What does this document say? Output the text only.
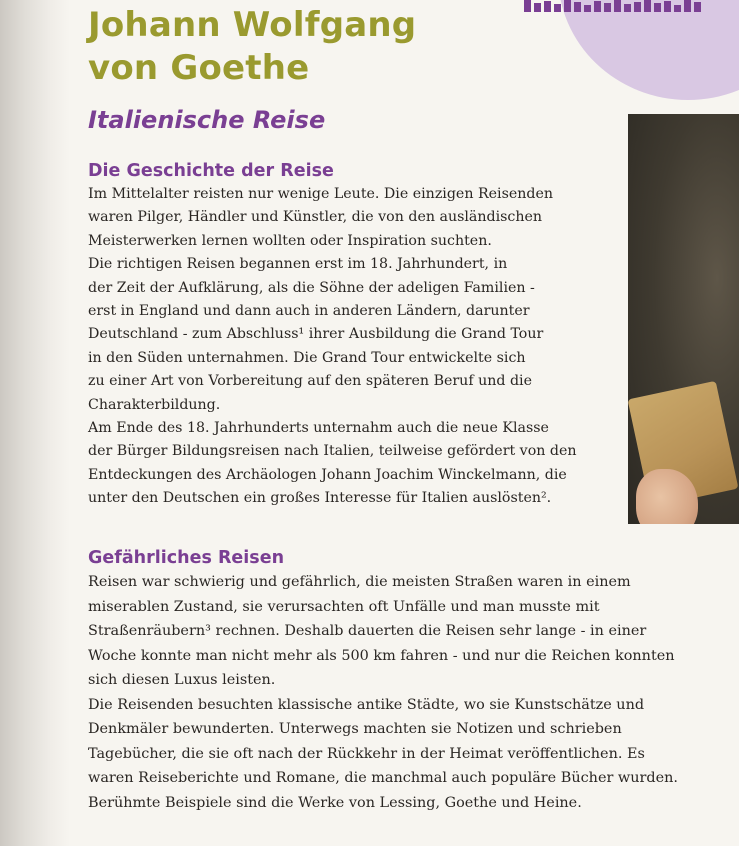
Johann Wolfgang
von Goethe
Italienische Reise
Die Geschichte der Reise
Im Mittelalter reisten nur wenige Leute. Die einzigen Reisenden
waren Pilger, Händler und Künstler, die von den ausländischen
Meisterwerken lernen wollten oder Inspiration suchten.
Die richtigen Reisen begannen erst im 18. Jahrhundert, in
der Zeit der Aufklärung, als die Söhne der adeligen Familien -
erst in England und dann auch in anderen Ländern, darunter
Deutschland - zum Abschluss¹ ihrer Ausbildung die Grand Tour
in den Süden unternahmen. Die Grand Tour entwickelte sich
zu einer Art von Vorbereitung auf den späteren Beruf und die
Charakterbildung.
Am Ende des 18. Jahrhunderts unternahm auch die neue Klasse
der Bürger Bildungsreisen nach Italien, teilweise gefördert von den
Entdeckungen des Archäologen Johann Joachim Winckelmann, die
unter den Deutschen ein großes Interesse für Italien auslösten².
Gefährliches Reisen
Reisen war schwierig und gefährlich, die meisten Straßen waren in einem
miserablen Zustand, sie verursachten oft Unfälle und man musste mit
Straßenräubern³ rechnen. Deshalb dauerten die Reisen sehr lange - in einer
Woche konnte man nicht mehr als 500 km fahren - und nur die Reichen konnten
sich diesen Luxus leisten.
Die Reisenden besuchten klassische antike Städte, wo sie Kunstschätze und
Denkmäler bewunderten. Unterwegs machten sie Notizen und schrieben
Tagebücher, die sie oft nach der Rückkehr in der Heimat veröffentlichen. Es
waren Reiseberichte und Romane, die manchmal auch populäre Bücher wurden.
Berühmte Beispiele sind die Werke von Lessing, Goethe und Heine.
